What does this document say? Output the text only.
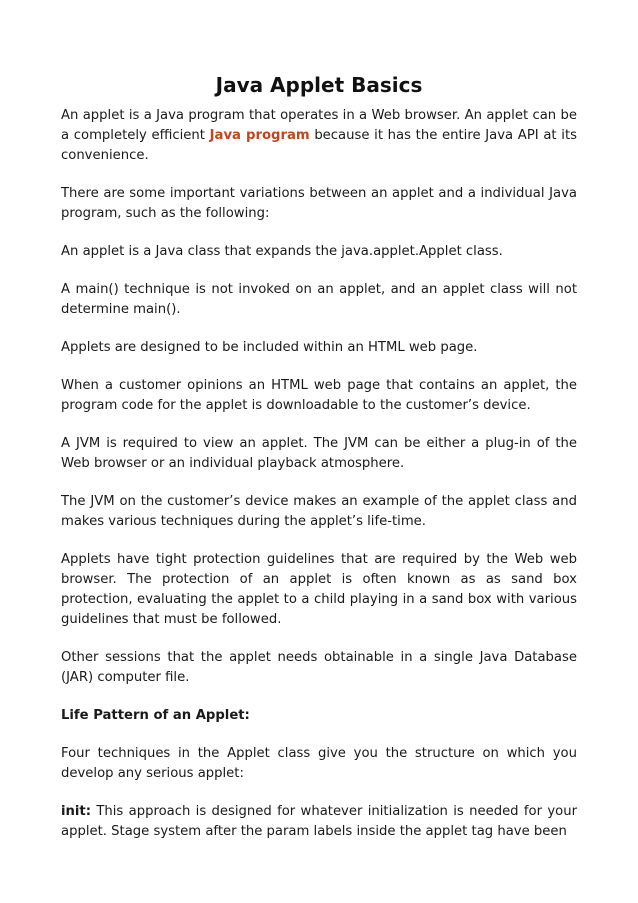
Java Applet Basics

An applet is a Java program that operates in a Web browser. An applet can be a completely efficient Java program because it has the entire Java API at its convenience.

There are some important variations between an applet and a individual Java program, such as the following:

An applet is a Java class that expands the java.applet.Applet class.

A main() technique is not invoked on an applet, and an applet class will not determine main().

Applets are designed to be included within an HTML web page.

When a customer opinions an HTML web page that contains an applet, the program code for the applet is downloadable to the customer’s device.

A JVM is required to view an applet. The JVM can be either a plug-in of the Web browser or an individual playback atmosphere.

The JVM on the customer’s device makes an example of the applet class and makes various techniques during the applet’s life-time.

Applets have tight protection guidelines that are required by the Web web browser. The protection of an applet is often known as as sand box protection, evaluating the applet to a child playing in a sand box with various guidelines that must be followed.

Other sessions that the applet needs obtainable in a single Java Database (JAR) computer file.

Life Pattern of an Applet:

Four techniques in the Applet class give you the structure on which you develop any serious applet:

init: This approach is designed for whatever initialization is needed for your applet. Stage system after the param labels inside the applet tag have been
